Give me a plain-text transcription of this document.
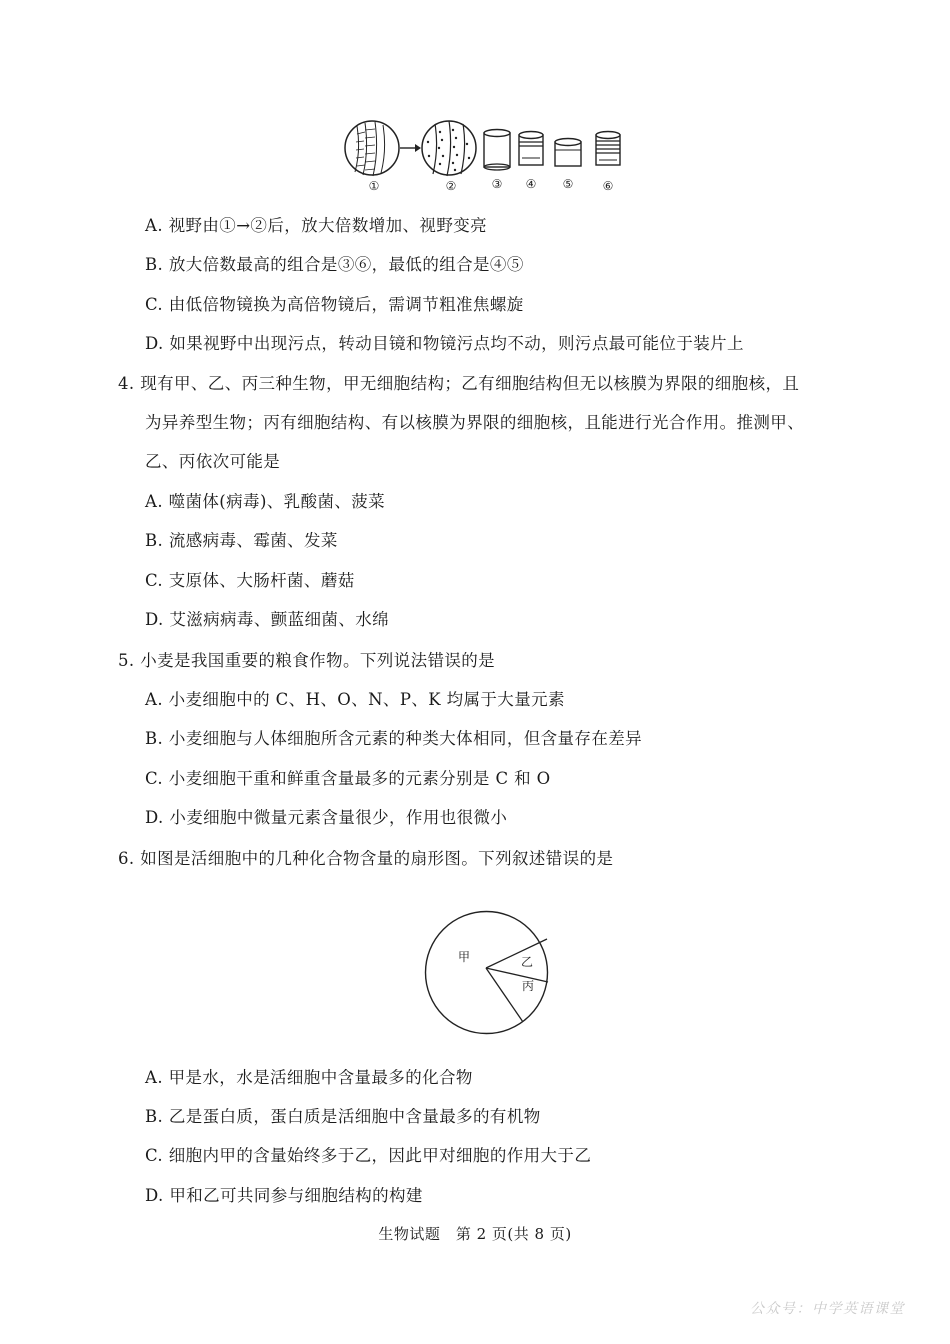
①	②	③ ④ ⑤ ⑥
A. 视野由①→②后，放大倍数增加、视野变亮
B. 放大倍数最高的组合是③⑥，最低的组合是④⑤
C. 由低倍物镜换为高倍物镜后，需调节粗准焦螺旋
D. 如果视野中出现污点，转动目镜和物镜污点均不动，则污点最可能位于装片上
4. 现有甲、乙、丙三种生物，甲无细胞结构；乙有细胞结构但无以核膜为界限的细胞核，且
为异养型生物；丙有细胞结构、有以核膜为界限的细胞核，且能进行光合作用。推测甲、
乙、丙依次可能是
A. 噬菌体(病毒)、乳酸菌、菠菜
B. 流感病毒、霉菌、发菜
C. 支原体、大肠杆菌、蘑菇
D. 艾滋病病毒、颤蓝细菌、水绵
5. 小麦是我国重要的粮食作物。下列说法错误的是
A. 小麦细胞中的 C、H、O、N、P、K 均属于大量元素
B. 小麦细胞与人体细胞所含元素的种类大体相同，但含量存在差异
C. 小麦细胞干重和鲜重含量最多的元素分别是 C 和 O
D. 小麦细胞中微量元素含量很少，作用也很微小
6. 如图是活细胞中的几种化合物含量的扇形图。下列叙述错误的是
甲	乙
丙
A. 甲是水，水是活细胞中含量最多的化合物
B. 乙是蛋白质，蛋白质是活细胞中含量最多的有机物
C. 细胞内甲的含量始终多于乙，因此甲对细胞的作用大于乙
D. 甲和乙可共同参与细胞结构的构建
生物试题　第 2 页(共 8 页)
公众号：中学英语课堂
